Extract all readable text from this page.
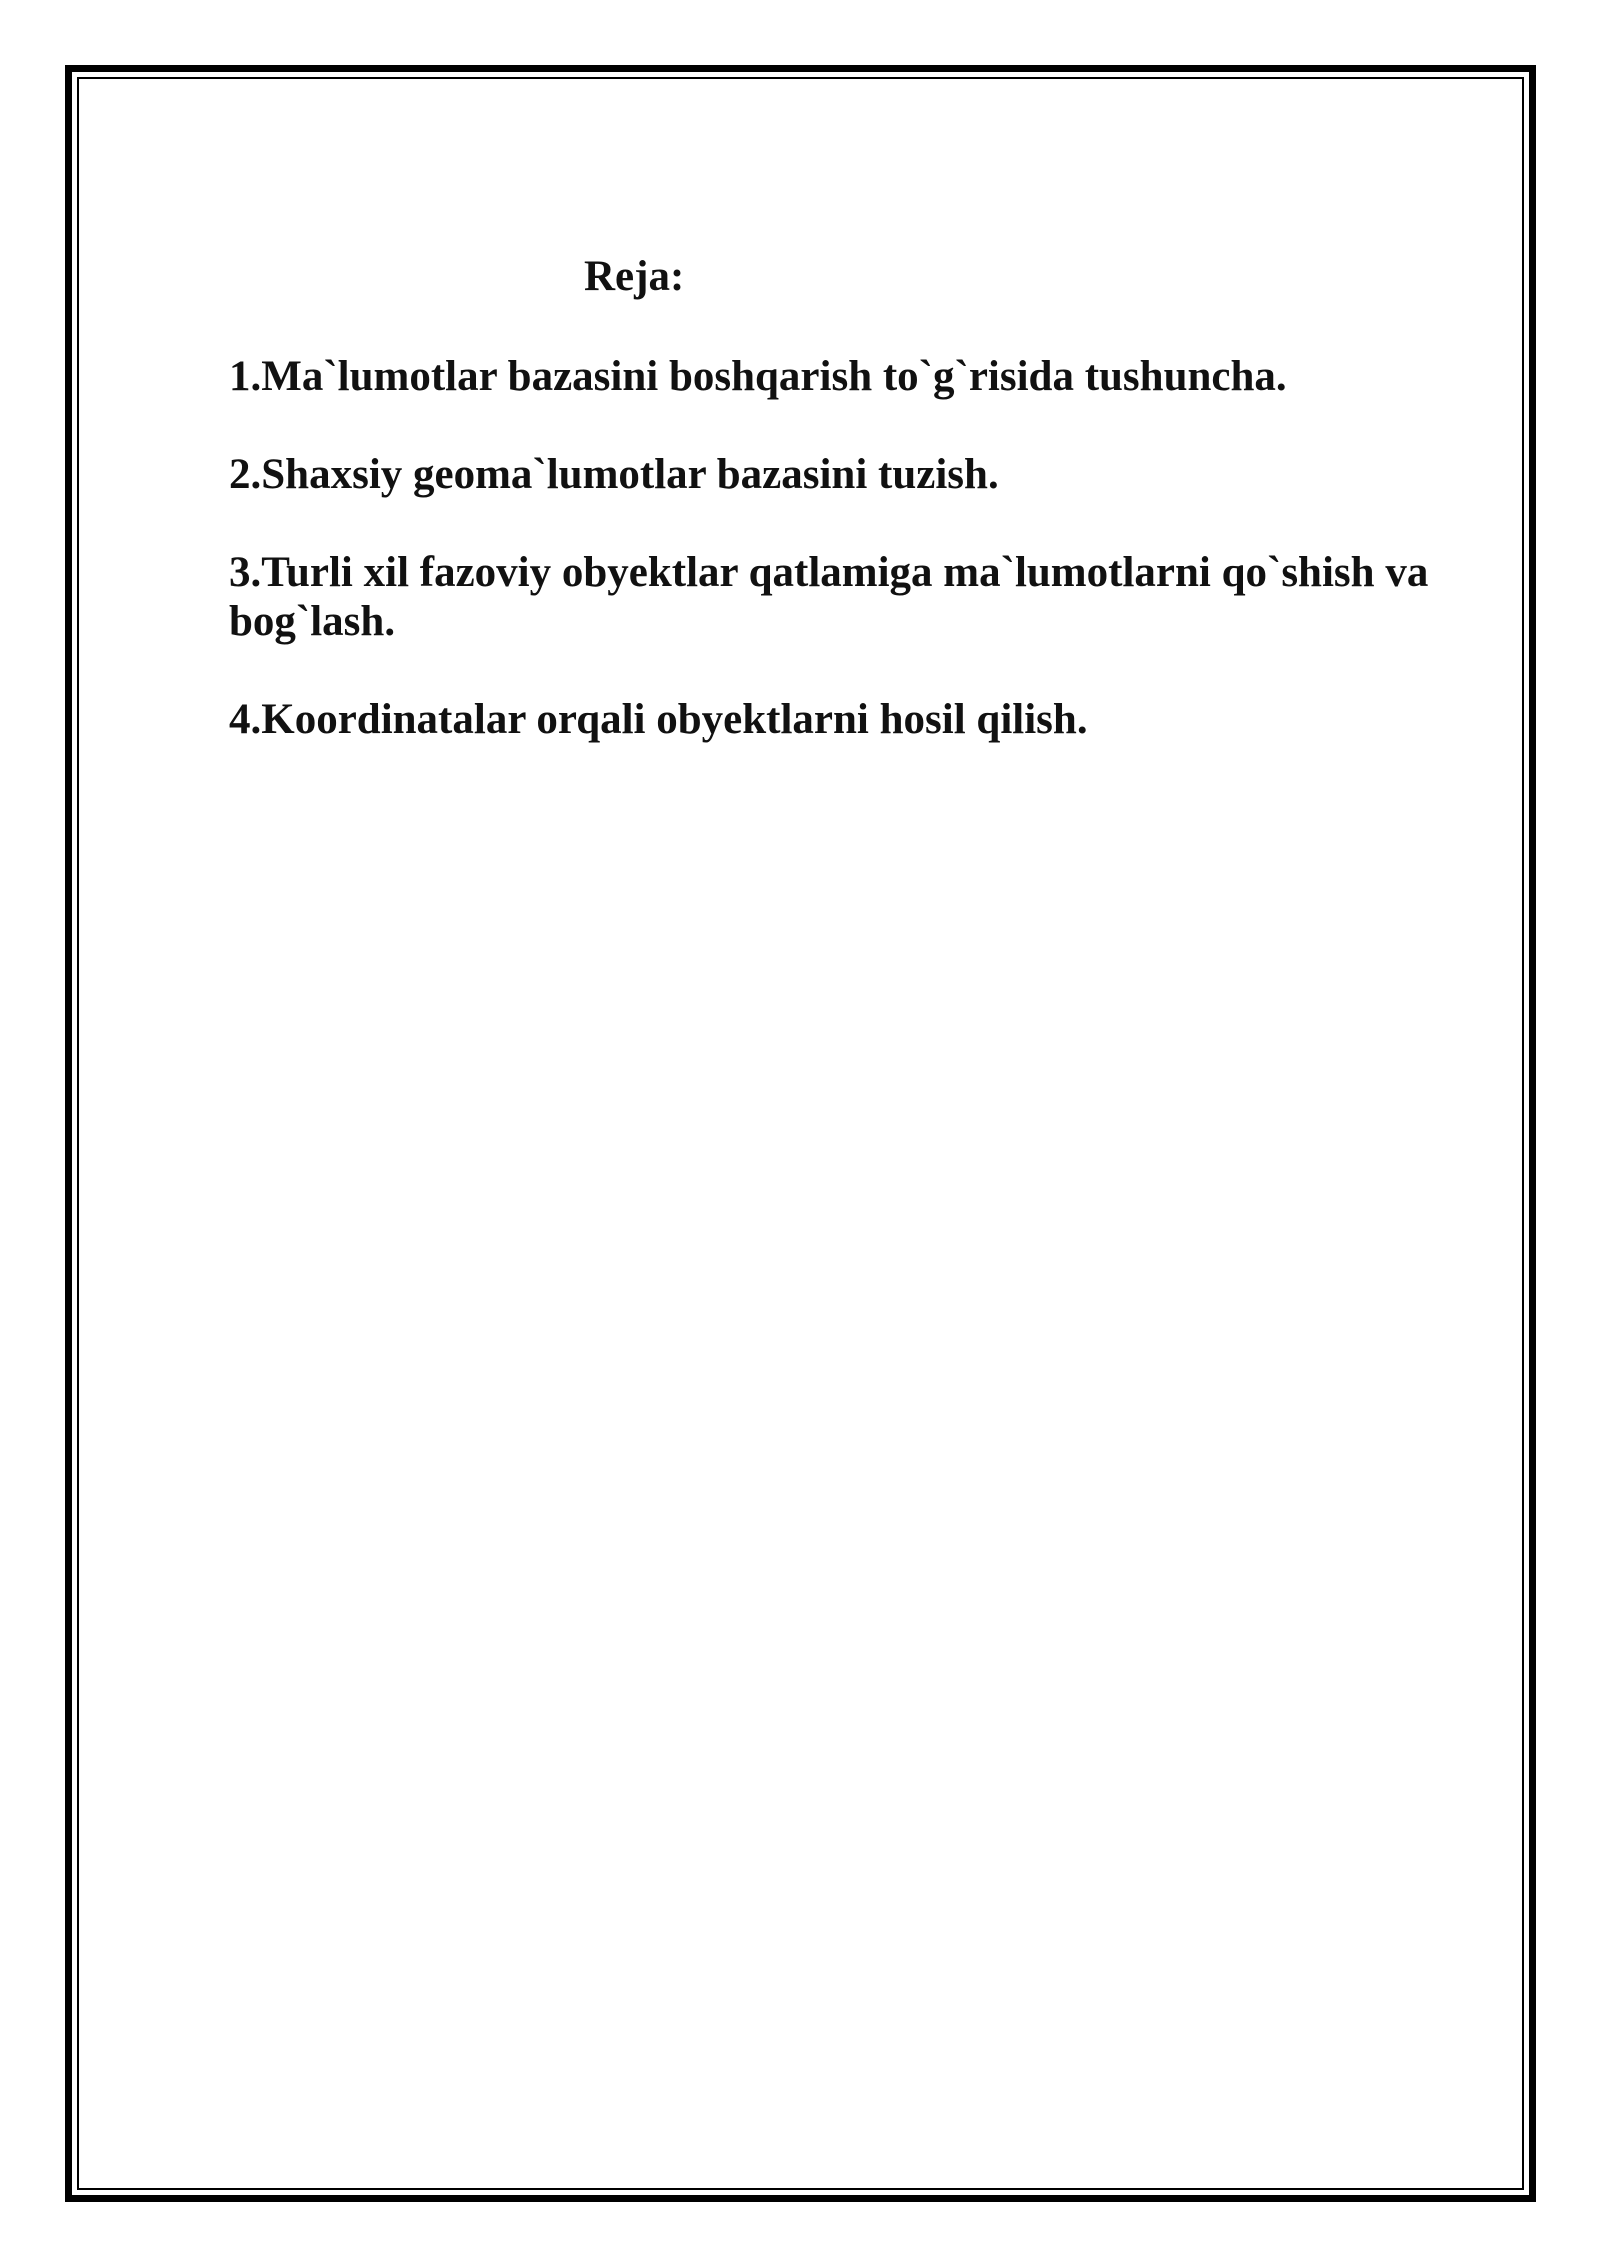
Reja:
1.Ma`lumotlar bazasini boshqarish to`g`risida tushuncha.
2.Shaxsiy geoma`lumotlar bazasini tuzish.
3.Turli xil fazoviy obyektlar qatlamiga ma`lumotlarni qo`shish va bog`lash.
4.Koordinatalar orqali obyektlarni hosil qilish.
